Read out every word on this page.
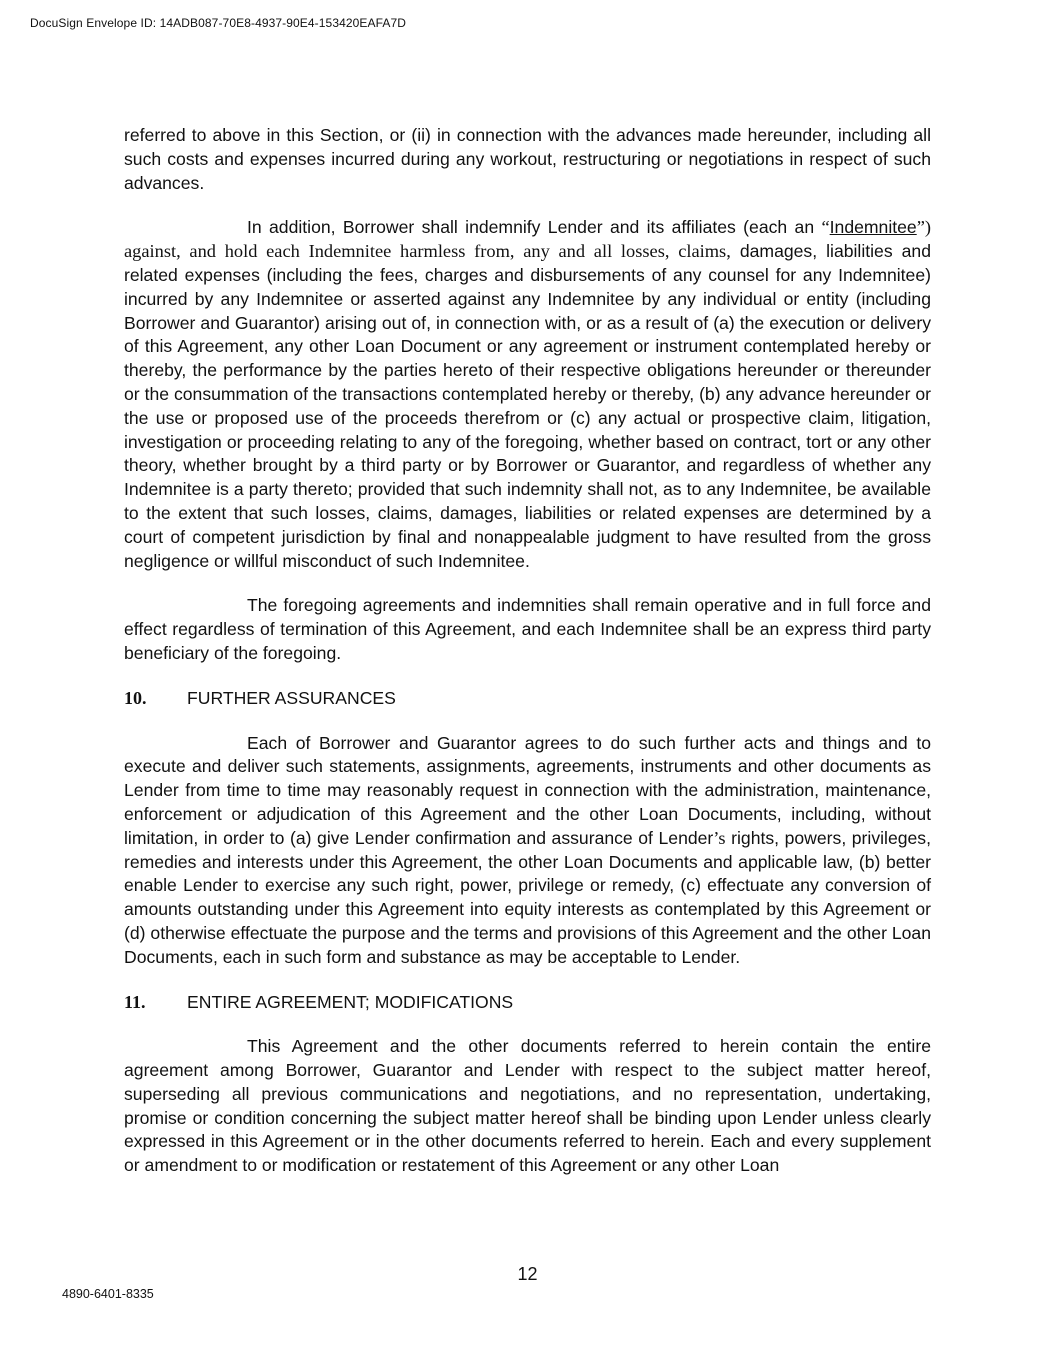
DocuSign Envelope ID: 14ADB087-70E8-4937-90E4-153420EAFA7D

referred to above in this Section, or (ii) in connection with the advances made hereunder, including all such costs and expenses incurred during any workout, restructuring or negotiations in respect of such advances.

In addition, Borrower shall indemnify Lender and its affiliates (each an “Indemnitee”) against, and hold each Indemnitee harmless from, any and all losses, claims, damages, liabilities and related expenses (including the fees, charges and disbursements of any counsel for any Indemnitee) incurred by any Indemnitee or asserted against any Indemnitee by any individual or entity (including Borrower and Guarantor) arising out of, in connection with, or as a result of (a) the execution or delivery of this Agreement, any other Loan Document or any agreement or instrument contemplated hereby or thereby, the performance by the parties hereto of their respective obligations hereunder or thereunder or the consummation of the transactions contemplated hereby or thereby, (b) any advance hereunder or the use or proposed use of the proceeds therefrom or (c) any actual or prospective claim, litigation, investigation or proceeding relating to any of the foregoing, whether based on contract, tort or any other theory, whether brought by a third party or by Borrower or Guarantor, and regardless of whether any Indemnitee is a party thereto; provided that such indemnity shall not, as to any Indemnitee, be available to the extent that such losses, claims, damages, liabilities or related expenses are determined by a court of competent jurisdiction by final and nonappealable judgment to have resulted from the gross negligence or willful misconduct of such Indemnitee.

The foregoing agreements and indemnities shall remain operative and in full force and effect regardless of termination of this Agreement, and each Indemnitee shall be an express third party beneficiary of the foregoing.

10.	FURTHER ASSURANCES

Each of Borrower and Guarantor agrees to do such further acts and things and to execute and deliver such statements, assignments, agreements, instruments and other documents as Lender from time to time may reasonably request in connection with the administration, maintenance, enforcement or adjudication of this Agreement and the other Loan Documents, including, without limitation, in order to (a) give Lender confirmation and assurance of Lender’s rights, powers, privileges, remedies and interests under this Agreement, the other Loan Documents and applicable law, (b) better enable Lender to exercise any such right, power, privilege or remedy, (c) effectuate any conversion of amounts outstanding under this Agreement into equity interests as contemplated by this Agreement or (d) otherwise effectuate the purpose and the terms and provisions of this Agreement and the other Loan Documents, each in such form and substance as may be acceptable to Lender.

11.	ENTIRE AGREEMENT; MODIFICATIONS

This Agreement and the other documents referred to herein contain the entire agreement among Borrower, Guarantor and Lender with respect to the subject matter hereof, superseding all previous communications and negotiations, and no representation, undertaking, promise or condition concerning the subject matter hereof shall be binding upon Lender unless clearly expressed in this Agreement or in the other documents referred to herein. Each and every supplement or amendment to or modification or restatement of this Agreement or any other Loan

12

4890-6401-8335
